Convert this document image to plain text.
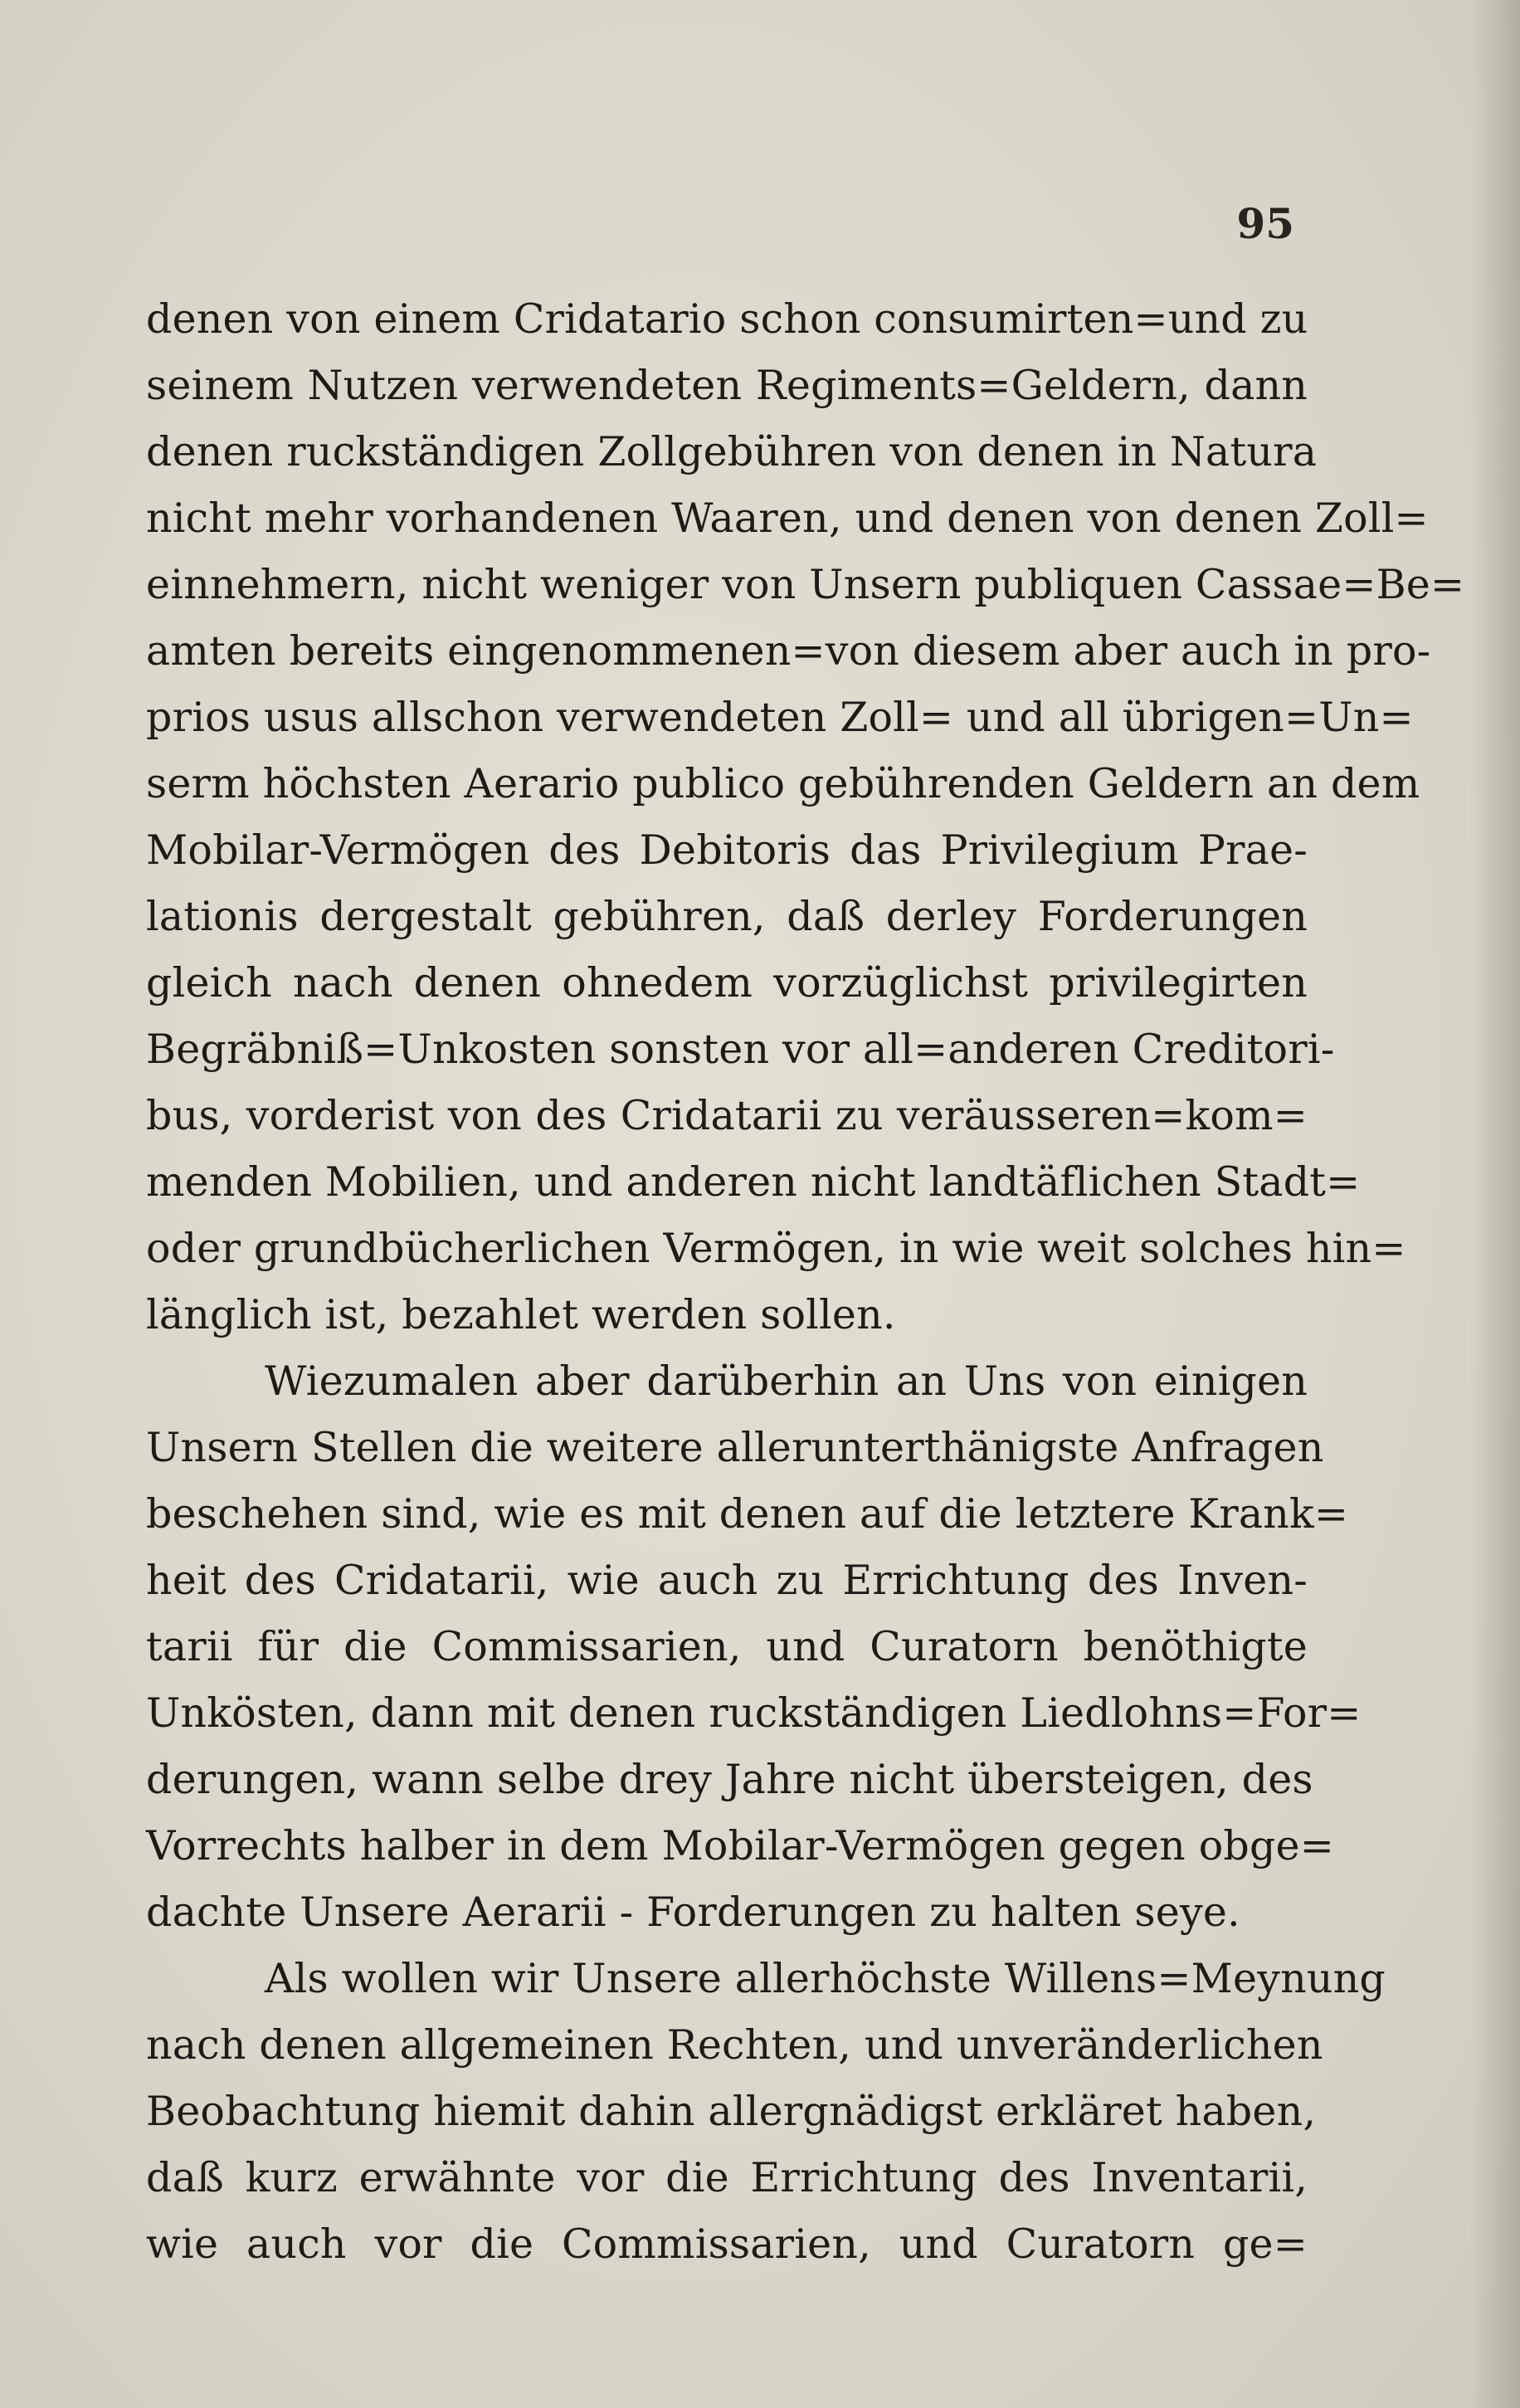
95
denen von einem Cridatario schon consumirten=und zu
seinem Nutzen verwendeten Regiments=Geldern, dann
denen ruckständigen Zollgebühren von denen in Natura
nicht mehr vorhandenen Waaren, und denen von denen Zoll=
einnehmern, nicht weniger von Unsern publiquen Cassae=Be=
amten bereits eingenommenen=von diesem aber auch in pro-
prios usus allschon verwendeten Zoll= und all übrigen=Un=
serm höchsten Aerario publico gebührenden Geldern an dem
Mobilar-Vermögen des Debitoris das Privilegium Prae-
lationis dergestalt gebühren, daß derley Forderungen
gleich nach denen ohnedem vorzüglichst privilegirten
Begräbniß=Unkosten sonsten vor all=anderen Creditori-
bus, vorderist von des Cridatarii zu veräusseren=kom=
menden Mobilien, und anderen nicht landtäflichen Stadt=
oder grundbücherlichen Vermögen, in wie weit solches hin=
länglich ist, bezahlet werden sollen.
Wiezumalen aber darüberhin an Uns von einigen
Unsern Stellen die weitere allerunterthänigste Anfragen
beschehen sind, wie es mit denen auf die letztere Krank=
heit des Cridatarii, wie auch zu Errichtung des Inven-
tarii für die Commissarien, und Curatorn benöthigte
Unkösten, dann mit denen ruckständigen Liedlohns=For=
derungen, wann selbe drey Jahre nicht übersteigen, des
Vorrechts halber in dem Mobilar-Vermögen gegen obge=
dachte Unsere Aerarii - Forderungen zu halten seye.
Als wollen wir Unsere allerhöchste Willens=Meynung
nach denen allgemeinen Rechten, und unveränderlichen
Beobachtung hiemit dahin allergnädigst erkläret haben,
daß kurz erwähnte vor die Errichtung des Inventarii,
wie auch vor die Commissarien, und Curatorn ge=
